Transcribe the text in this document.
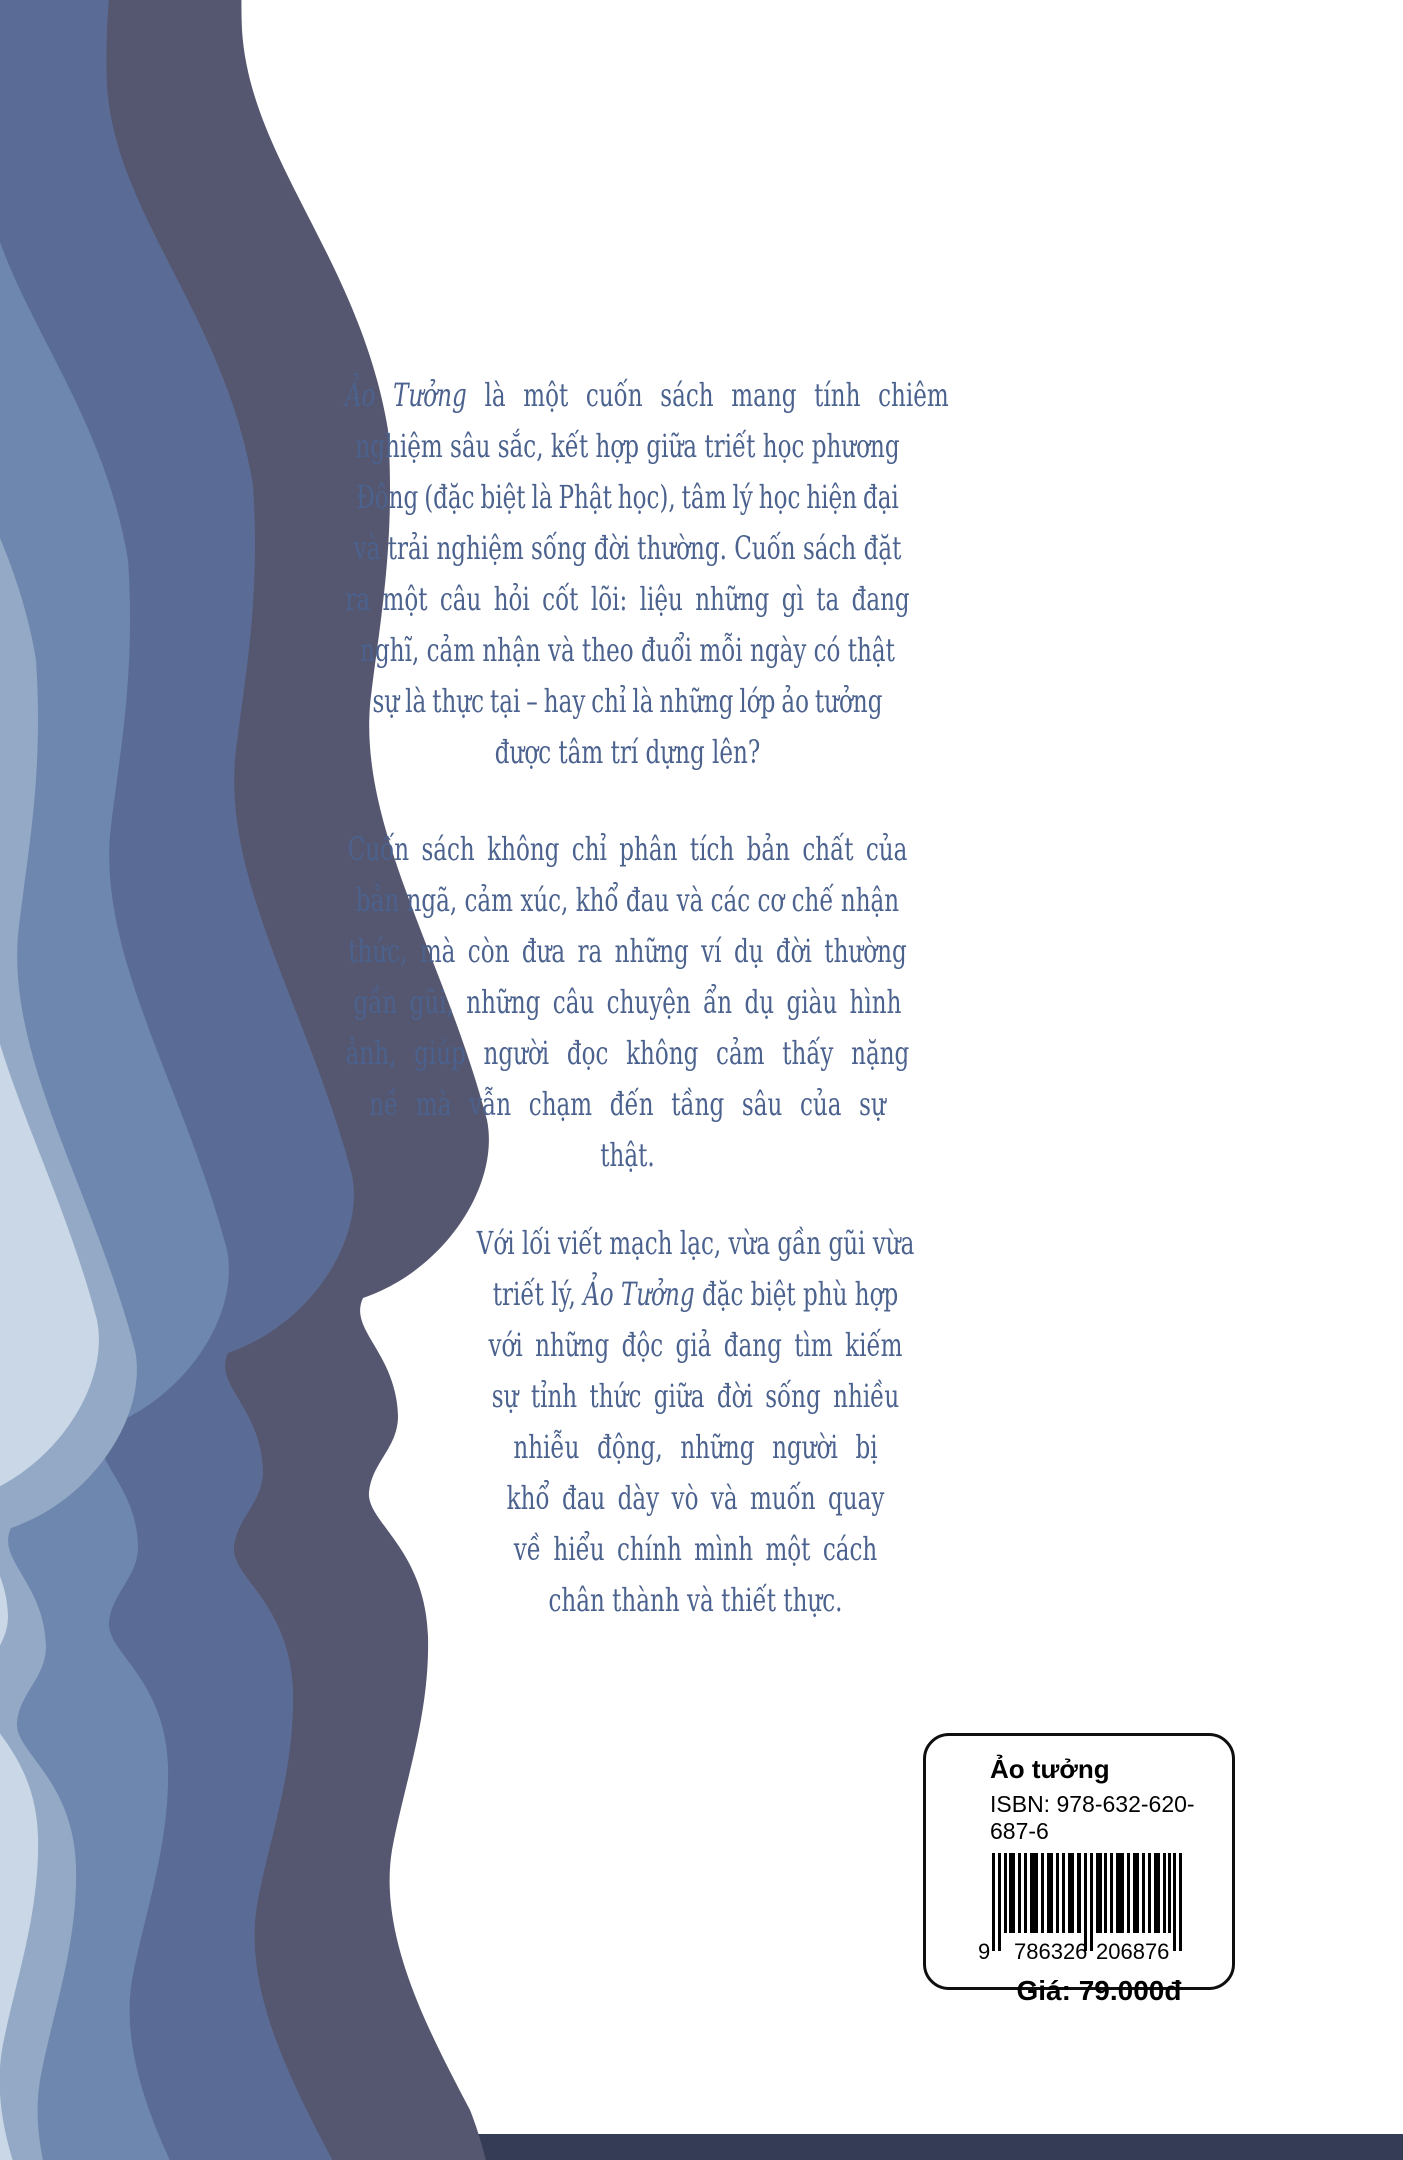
Ảo Tưởng là một cuốn sách mang tính chiêm
nghiệm sâu sắc, kết hợp giữa triết học phương
Đông (đặc biệt là Phật học), tâm lý học hiện đại
và trải nghiệm sống đời thường. Cuốn sách đặt
ra một câu hỏi cốt lõi: liệu những gì ta đang
nghĩ, cảm nhận và theo đuổi mỗi ngày có thật
sự là thực tại – hay chỉ là những lớp ảo tưởng
được tâm trí dựng lên?
Cuốn sách không chỉ phân tích bản chất của
bản ngã, cảm xúc, khổ đau và các cơ chế nhận
thức, mà còn đưa ra những ví dụ đời thường
gần gũi, những câu chuyện ẩn dụ giàu hình
ảnh, giúp người đọc không cảm thấy nặng
nề mà vẫn chạm đến tầng sâu của sự
thật.
Với lối viết mạch lạc, vừa gần gũi vừa
triết lý, Ảo Tưởng đặc biệt phù hợp
với những độc giả đang tìm kiếm
sự tỉnh thức giữa đời sống nhiều
nhiễu động, những người bị
khổ đau dày vò và muốn quay
về hiểu chính mình một cách
chân thành và thiết thực.
Ảo tưởng
ISBN: 978-632-620-687-6
9 786326 206876
Giá: 79.000đ
